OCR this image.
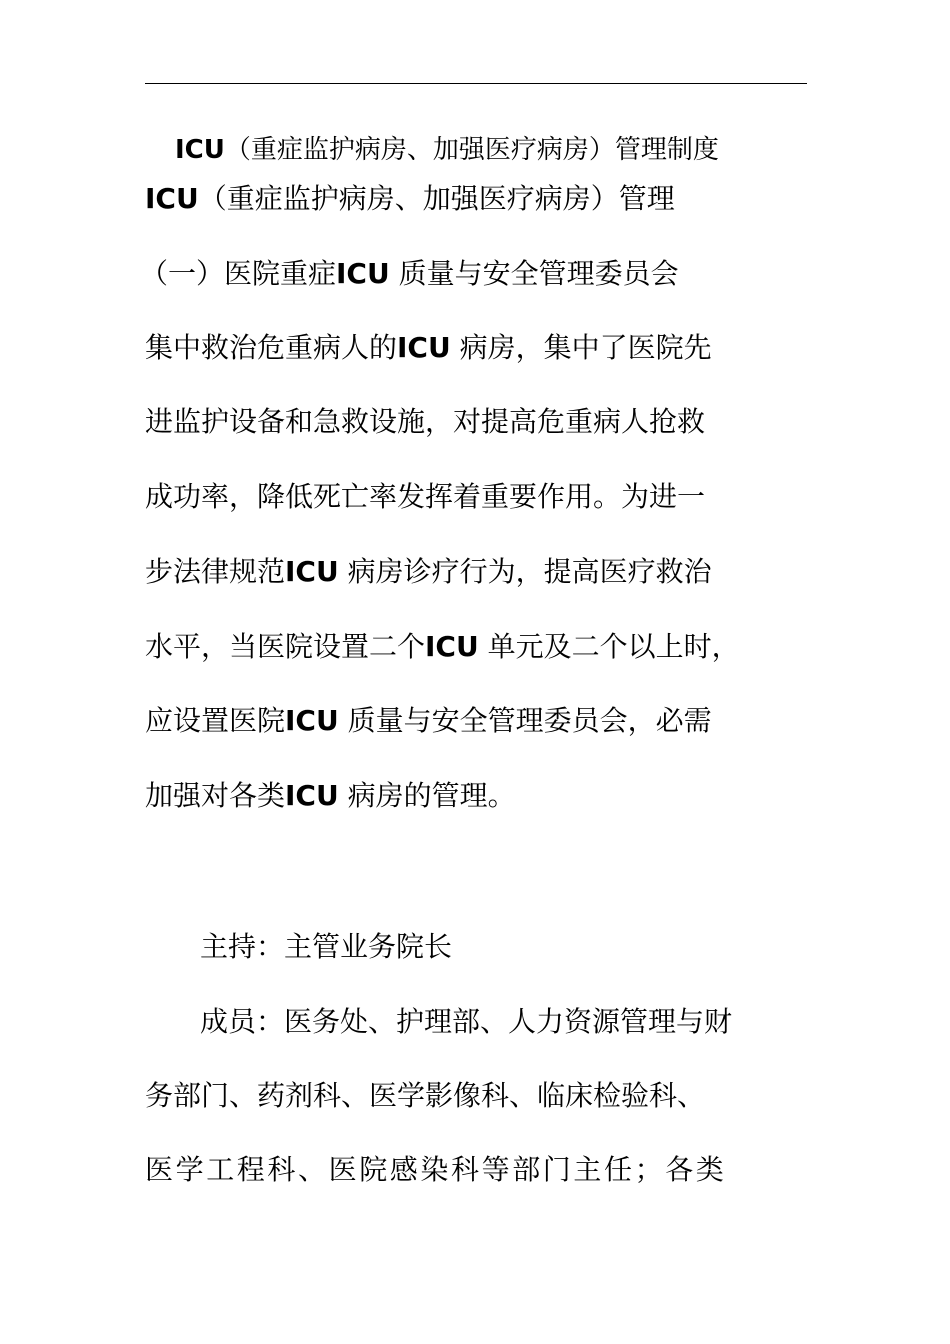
ICU（重症监护病房、加强医疗病房）管理制度
ICU（重症监护病房、加强医疗病房）管理
（一）医院重症ICU 质量与安全管理委员会
集中救治危重病人的ICU 病房，集中了医院先
进监护设备和急救设施，对提高危重病人抢救
成功率，降低死亡率发挥着重要作用。为进一
步法律规范ICU 病房诊疗行为，提高医疗救治
水平，当医院设置二个ICU 单元及二个以上时，
应设置医院ICU 质量与安全管理委员会，必需
加强对各类ICU 病房的管理。
主持：主管业务院长
成员：医务处、护理部、人力资源管理与财
务部门、药剂科、医学影像科、临床检验科、
医学工程科、医院感染科等部门主任；各类
